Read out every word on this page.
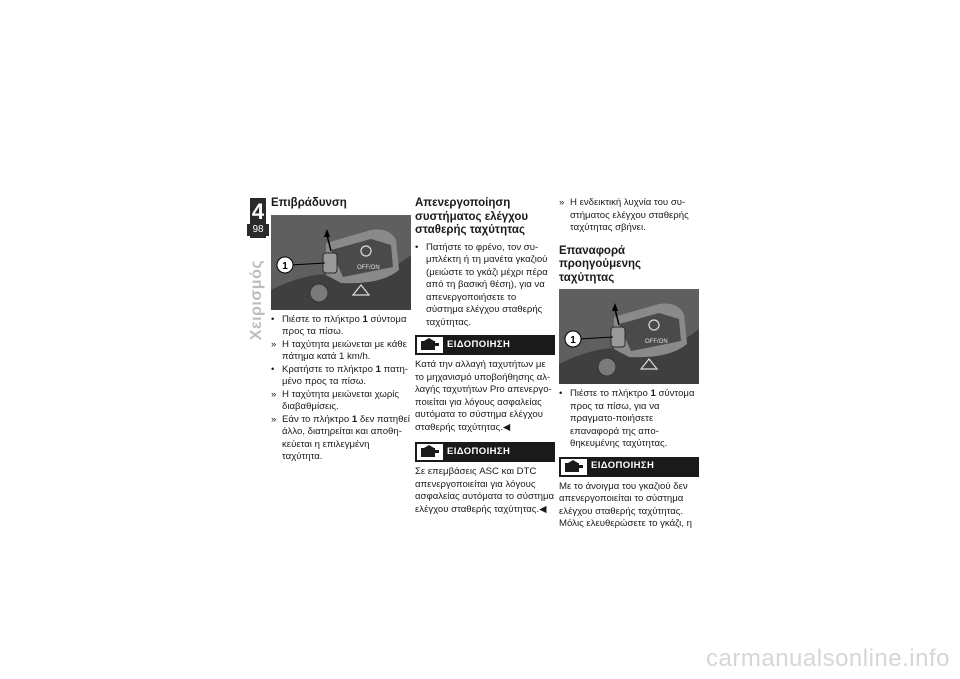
4
98
Χειρισμός
Επιβράδυνση
OFF/ON
1
• Πιέστε το πλήκτρο 1 σύντομα προς τα πίσω.
» Η ταχύτητα μειώνεται με κάθε πάτημα κατά 1 km/h.
• Κρατήστε το πλήκτρο 1 πατη-μένο προς τα πίσω.
» Η ταχύτητα μειώνεται χωρίς διαβαθμίσεις.
» Εάν το πλήκτρο 1 δεν πατηθεί άλλο, διατηρείται και αποθη-κεύεται η επιλεγμένη ταχύτητα.
Απενεργοποίηση συστήματος ελέγχου σταθερής ταχύτητας
• Πατήστε το φρένο, τον συ-μπλέκτη ή τη μανέτα γκαζιού (μειώστε το γκάζι μέχρι πέρα από τη βασική θέση), για να απενεργοποιήσετε το σύστημα ελέγχου σταθερής ταχύτητας.
ΕΙΔΟΠΟΙΗΣΗ

Κατά την αλλαγή ταχυτήτων με το μηχανισμό υποβοήθησης αλ-λαγής ταχυτήτων Pro απενεργο-ποιείται για λόγους ασφαλείας αυτόματα το σύστημα ελέγχου σταθερής ταχύτητας.◀

ΕΙΔΟΠΟΙΗΣΗ

Σε επεμβάσεις ASC και DTC απενεργοποιείται για λόγους ασφαλείας αυτόματα το σύστημα ελέγχου σταθερής ταχύτητας.◀

» Η ενδεικτική λυχνία του συ-στήματος ελέγχου σταθερής ταχύτητας σβήνει.
Επαναφορά προηγούμενης ταχύτητας
OFF/ON
1
• Πιέστε το πλήκτρο 1 σύντομα προς τα πίσω, για να πραγματο-ποιήσετε επαναφορά της απο-θηκευμένης ταχύτητας.
ΕΙΔΟΠΟΙΗΣΗ

Με το άνοιγμα του γκαζιού δεν απενεργοποιείται το σύστημα ελέγχου σταθερής ταχύτητας. Μόλις ελευθερώσετε το γκάζι, η

carmanualsonline.info
